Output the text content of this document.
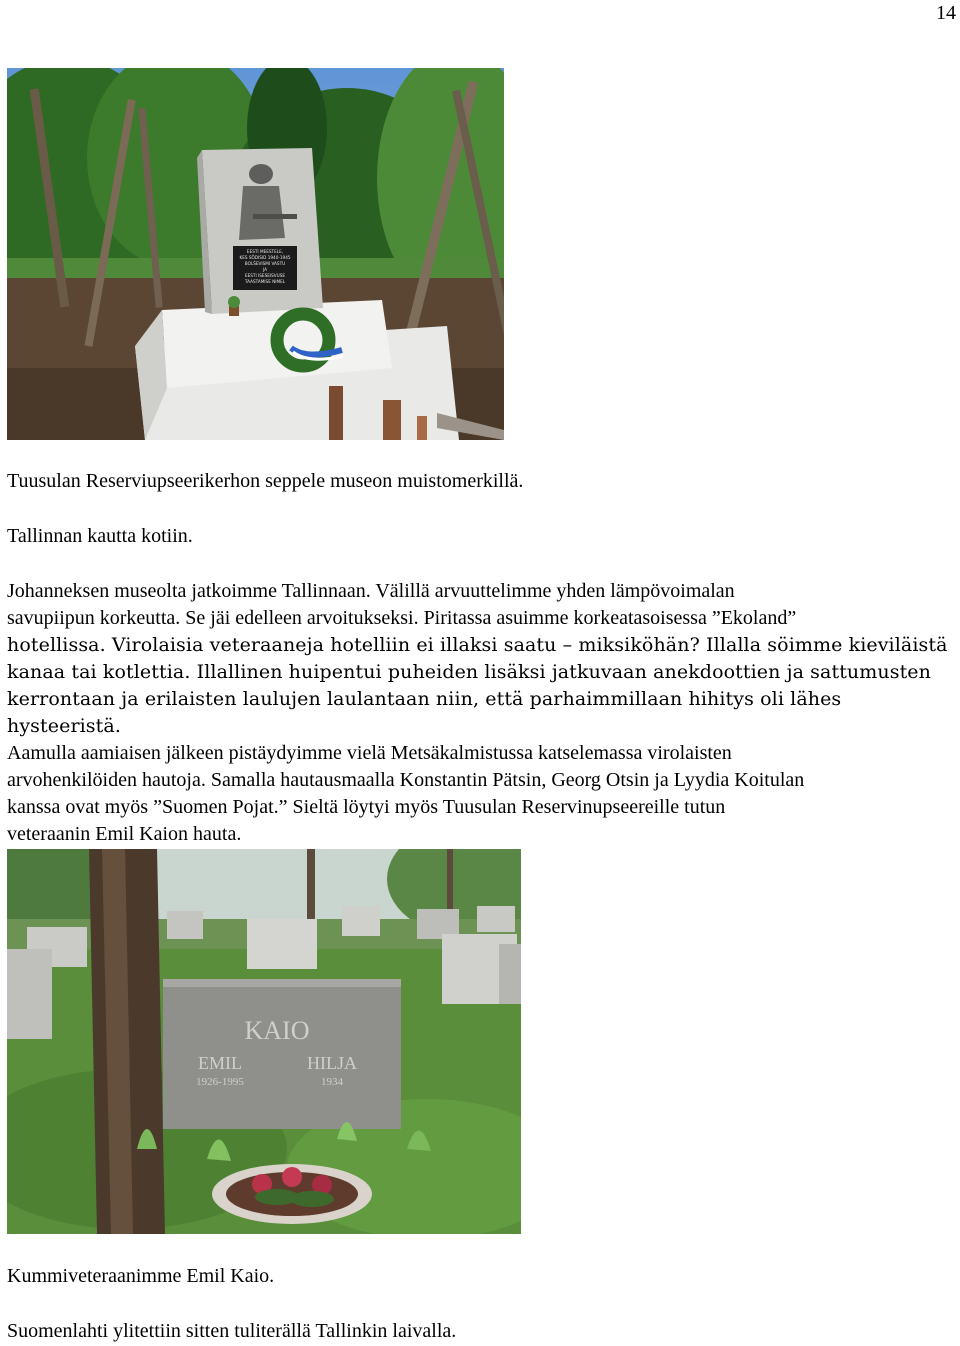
14
EESTI MEESTELE,
KES SÕDISID 1940-1945
BOLŠEVISMI VASTU
JA
EESTI ISESEISVUSE
TAASTAMISE NIMEL
Tuusulan Reserviupseerikerhon seppele museon muistomerkillä.
Tallinnan kautta kotiin.

Johanneksen museolta jatkoimme Tallinnaan. Välillä arvuuttelimme yhden lämpövoimalan

savupiipun korkeutta. Se jäi edelleen arvoitukseksi. Piritassa asuimme korkeatasoisessa ”Ekoland”

hotellissa. Virolaisia veteraaneja hotelliin ei illaksi saatu – miksiköhän? Illalla söimme kieviläistä

kanaa tai kotlettia. Illallinen huipentui puheiden lisäksi jatkuvaan anekdoottien ja sattumusten

kerrontaan ja erilaisten laulujen laulantaan niin, että parhaimmillaan hihitys oli lähes hysteeristä.

Aamulla aamiaisen jälkeen pistäydyimme vielä Metsäkalmistussa katselemassa virolaisten

arvohenkilöiden hautoja. Samalla hautausmaalla Konstantin Pätsin, Georg Otsin ja Lyydia Koitulan

kanssa ovat myös ”Suomen Pojat.” Sieltä löytyi myös Tuusulan Reservinupseereille tutun

veteraanin Emil Kaion hauta.

KAIO
EMIL
1926-1995
HILJA
1934
Kummiveteraanimme Emil Kaio.
Suomenlahti ylitettiin sitten tuliterällä Tallinkin laivalla.
